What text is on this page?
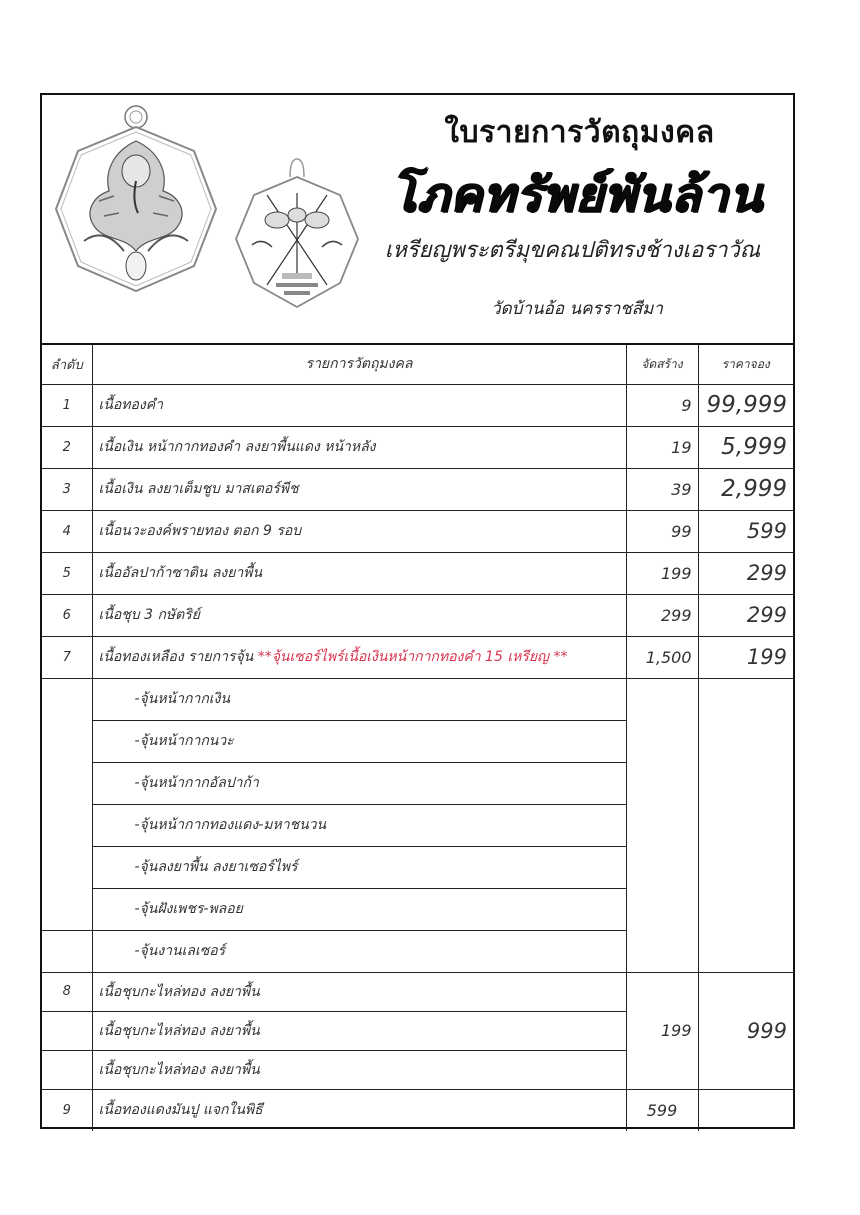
ใบรายการวัตถุมงคล
โภคทรัพย์พันล้าน
เหรียญพระตรีมุขคณปติทรงช้างเอราวัณ
วัดบ้านอ้อ นครราชสีมา
ลำดับ	รายการวัตถุมงคล	จัดสร้าง	ราคาจอง
1	เนื้อทองคำ	9	99,999
2	เนื้อเงิน หน้ากากทองคำ ลงยาพื้นแดง หน้าหลัง	19	5,999
3	เนื้อเงิน ลงยาเต็มชูบ มาสเตอร์พีช	39	2,999
4	เนื้อนวะองค์พรายทอง ตอก 9 รอบ	99	599
5	เนื้ออัลปาก้าซาติน ลงยาพื้น	199	299
6	เนื้อชุบ 3 กษัตริย์	299	299
7	เนื้อทองเหลือง รายการจุ้น **จุ้นเซอร์ไพร์เนื้อเงินหน้ากากทองคำ 15 เหรียญ **	1,500	199
	-จุ้นหน้ากากเงิน		
	-จุ้นหน้ากากนวะ		
	-จุ้นหน้ากากอัลปาก้า		
	-จุ้นหน้ากากทองแดง-มหาชนวน		
	-จุ้นลงยาพื้น ลงยาเซอร์ไพร์		
	-จุ้นฝังเพชร-พลอย		
	-จุ้นงานเลเซอร์		
8	เนื้อชุบกะไหล่ทอง ลงยาพื้น	199	999
	เนื้อชุบกะไหล่ทอง ลงยาพื้น		
	เนื้อชุบกะไหล่ทอง ลงยาพื้น		
9	เนื้อทองแดงมันปู แจกในพิธี	599	
